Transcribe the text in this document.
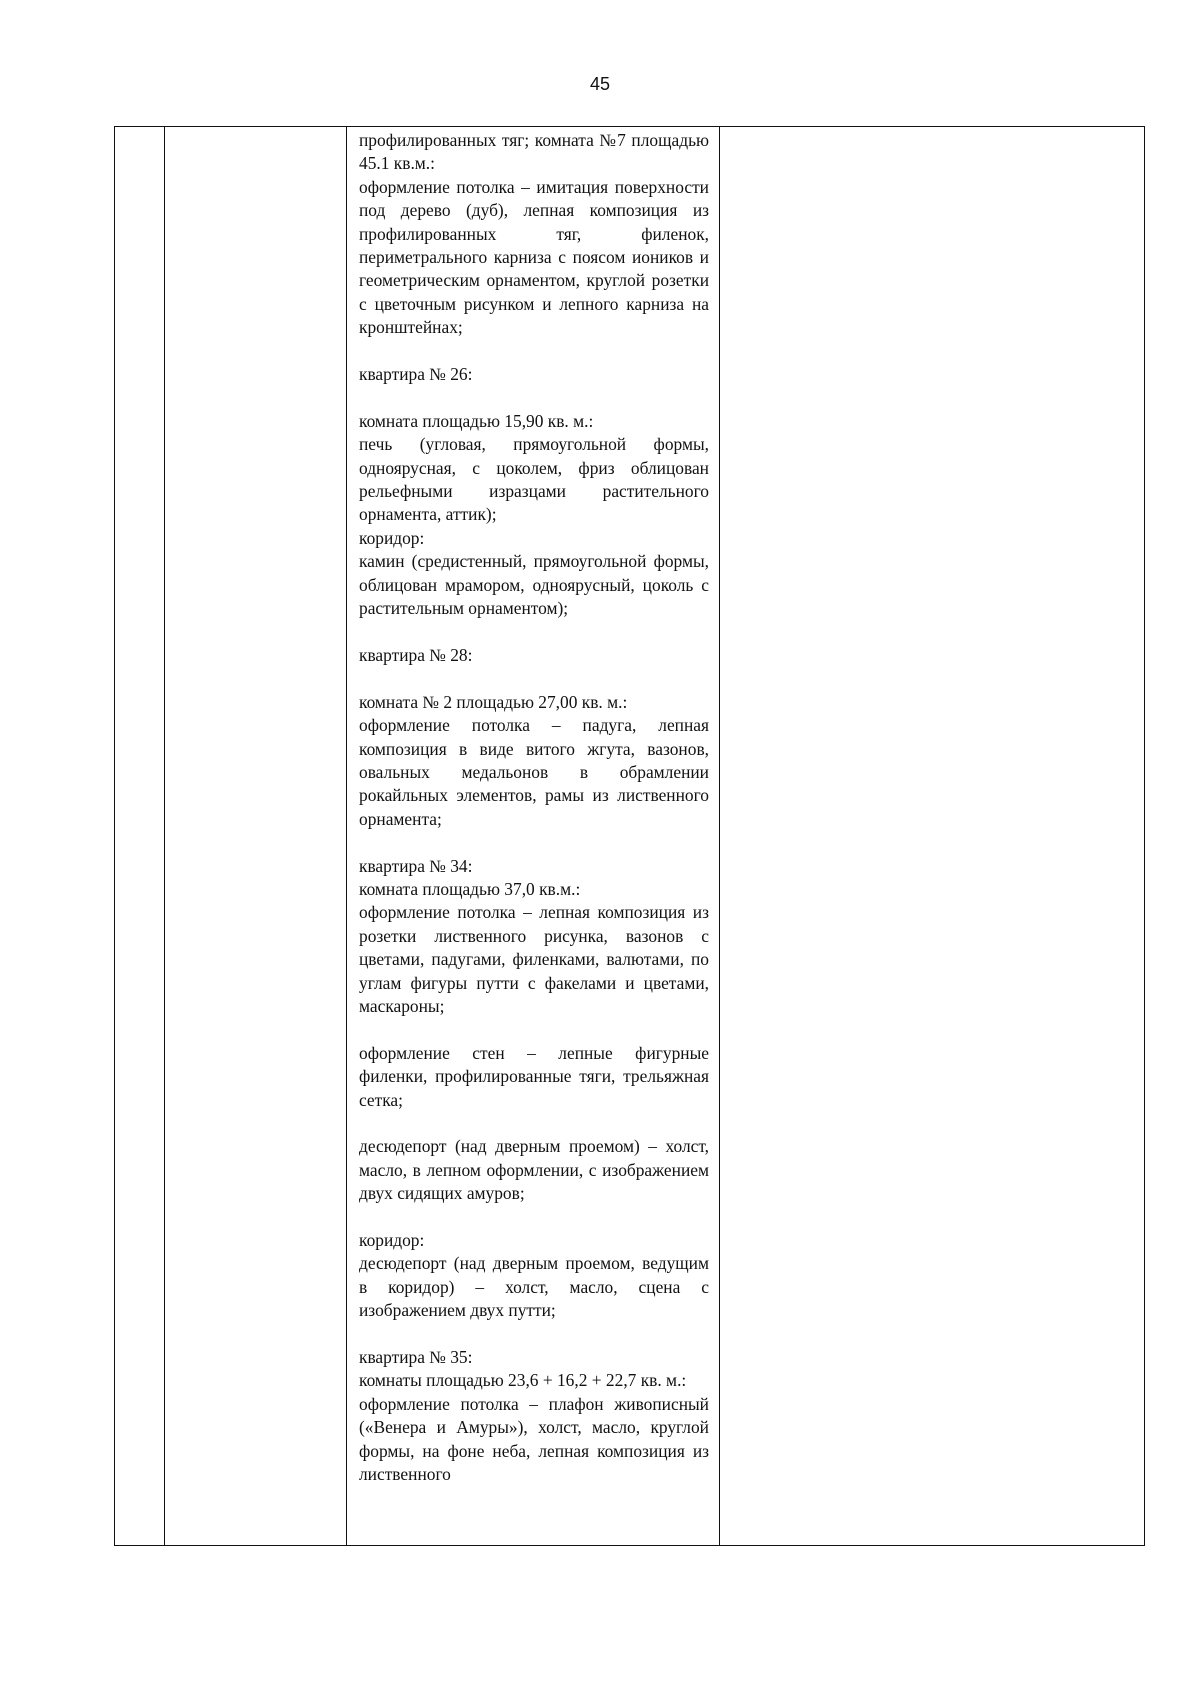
45

профилированных тяг; комната №7 площадью 45.1 кв.м.:

оформление потолка – имитация поверхности под дерево (дуб), лепная композиция из профилированных тяг, филенок, периметрального карниза с поясом иоников и геометрическим орнаментом, круглой розетки с цветочным рисунком и лепного карниза на кронштейнах;

квартира № 26:

комната площадью 15,90 кв. м.:

печь (угловая, прямоугольной формы, одноярусная, с цоколем, фриз облицован рельефными изразцами растительного орнамента, аттик);

коридор:

камин (средистенный, прямоугольной формы, облицован мрамором, одноярусный, цоколь с растительным орнаментом);

квартира № 28:

комната № 2 площадью 27,00 кв. м.:

оформление потолка – падуга, лепная композиция в виде витого жгута, вазонов, овальных медальонов в обрамлении рокайльных элементов, рамы из лиственного орнамента;

квартира № 34:

комната площадью 37,0 кв.м.:

оформление потолка – лепная композиция из розетки лиственного рисунка, вазонов с цветами, падугами, филенками, валютами, по углам фигуры путти с факелами и цветами, маскароны;

оформление стен – лепные фигурные филенки, профилированные тяги, трельяжная сетка;

десюдепорт (над дверным проемом) – холст, масло, в лепном оформлении, с изображением двух сидящих амуров;

коридор:

десюдепорт (над дверным проемом, ведущим в коридор) – холст, масло, сцена с изображением двух путти;

квартира № 35:

комнаты площадью 23,6 + 16,2 + 22,7 кв. м.:

оформление потолка – плафон живописный («Венера и Амуры»), холст, масло, круглой формы, на фоне неба, лепная композиция из лиственного
